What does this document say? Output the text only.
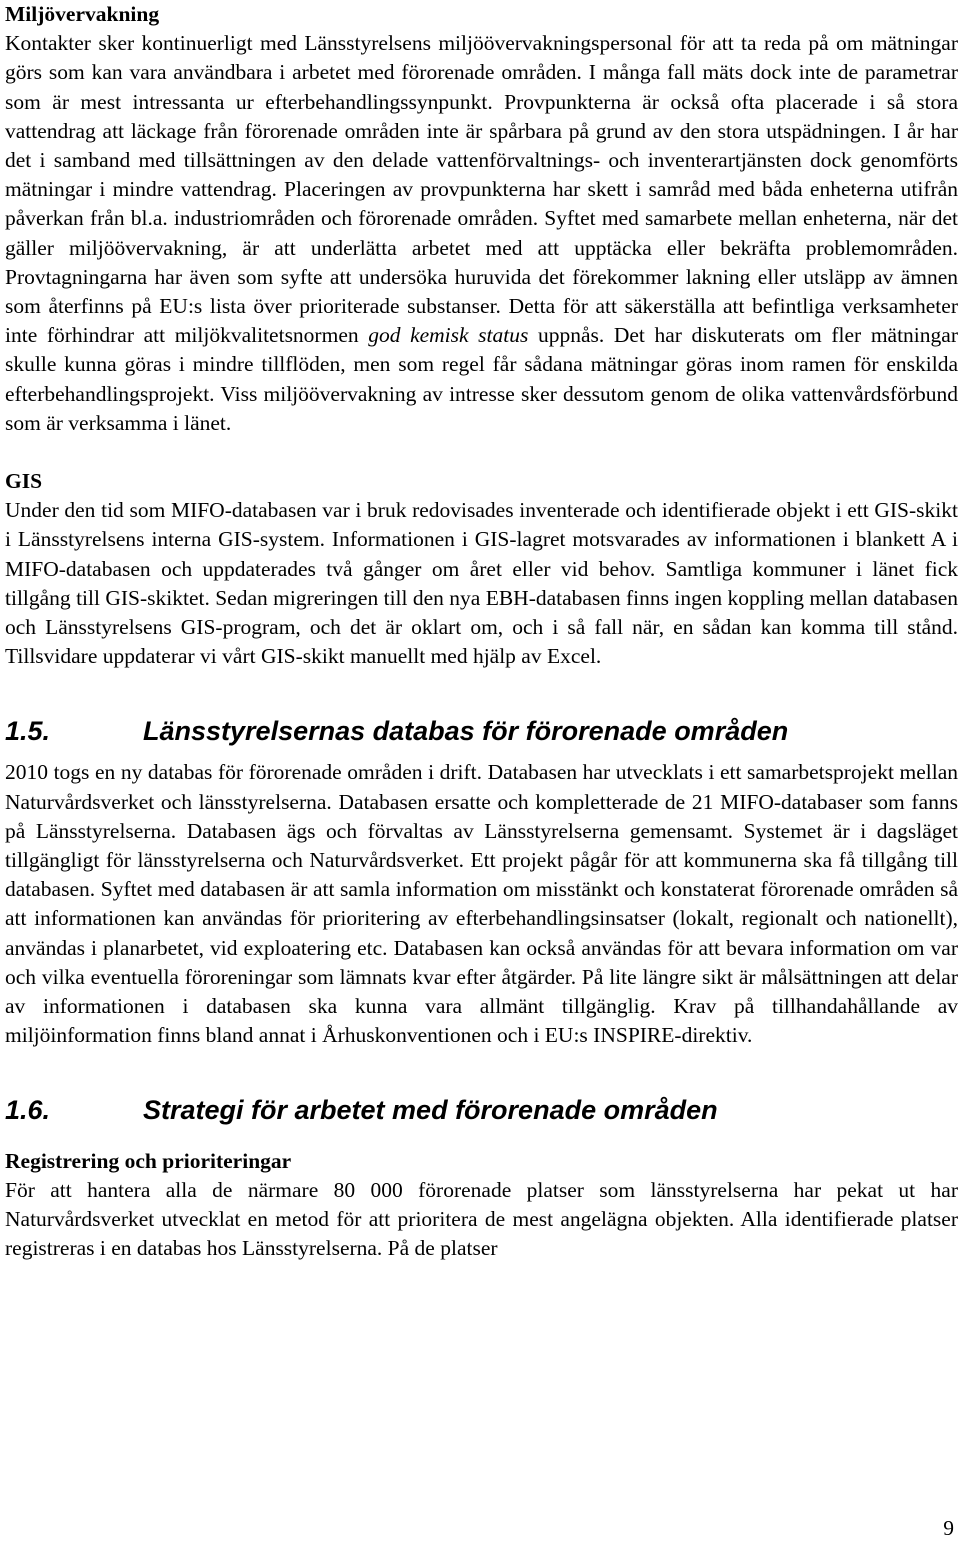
Miljövervakning

Kontakter sker kontinuerligt med Länsstyrelsens miljöövervakningspersonal för att ta reda på om mätningar görs som kan vara användbara i arbetet med förorenade områden. I många fall mäts dock inte de parametrar som är mest intressanta ur efterbehandlingssynpunkt. Provpunkterna är också ofta placerade i så stora vattendrag att läckage från förorenade områden inte är spårbara på grund av den stora utspädningen. I år har det i samband med tillsättningen av den delade vattenförvaltnings- och inventerartjänsten dock genomförts mätningar i mindre vattendrag. Placeringen av provpunkterna har skett i samråd med båda enheterna utifrån påverkan från bl.a. industriområden och förorenade områden. Syftet med samarbete mellan enheterna, när det gäller miljöövervakning, är att underlätta arbetet med att upptäcka eller bekräfta problemområden. Provtagningarna har även som syfte att undersöka huruvida det förekommer lakning eller utsläpp av ämnen som återfinns på EU:s lista över prioriterade substanser. Detta för att säkerställa att befintliga verksamheter inte förhindrar att miljökvalitetsnormen god kemisk status uppnås. Det har diskuterats om fler mätningar skulle kunna göras i mindre tillflöden, men som regel får sådana mätningar göras inom ramen för enskilda efterbehandlingsprojekt. Viss miljöövervakning av intresse sker dessutom genom de olika vattenvårdsförbund som är verksamma i länet.

GIS

Under den tid som MIFO-databasen var i bruk redovisades inventerade och identifierade objekt i ett GIS-skikt i Länsstyrelsens interna GIS-system. Informationen i GIS-lagret motsvarades av informationen i blankett A i MIFO-databasen och uppdaterades två gånger om året eller vid behov. Samtliga kommuner i länet fick tillgång till GIS-skiktet. Sedan migreringen till den nya EBH-databasen finns ingen koppling mellan databasen och Länsstyrelsens GIS-program, och det är oklart om, och i så fall när, en sådan kan komma till stånd. Tillsvidare uppdaterar vi vårt GIS-skikt manuellt med hjälp av Excel.

1.5.	Länsstyrelsernas databas för förorenade områden

2010 togs en ny databas för förorenade områden i drift. Databasen har utvecklats i ett samarbetsprojekt mellan Naturvårdsverket och länsstyrelserna. Databasen ersatte och kompletterade de 21 MIFO-databaser som fanns på Länsstyrelserna. Databasen ägs och förvaltas av Länsstyrelserna gemensamt. Systemet är i dagsläget tillgängligt för länsstyrelserna och Naturvårdsverket. Ett projekt pågår för att kommunerna ska få tillgång till databasen. Syftet med databasen är att samla information om misstänkt och konstaterat förorenade områden så att informationen kan användas för prioritering av efterbehandlingsinsatser (lokalt, regionalt och nationellt), användas i planarbetet, vid exploatering etc. Databasen kan också användas för att bevara information om var och vilka eventuella föroreningar som lämnats kvar efter åtgärder. På lite längre sikt är målsättningen att delar av informationen i databasen ska kunna vara allmänt tillgänglig. Krav på tillhandahållande av miljöinformation finns bland annat i Århuskonventionen och i EU:s INSPIRE-direktiv.

1.6.	Strategi för arbetet med förorenade områden
Registrering och prioriteringar

För att hantera alla de närmare 80 000 förorenade platser som länsstyrelserna har pekat ut har Naturvårdsverket utvecklat en metod för att prioritera de mest angelägna objekten. Alla identifierade platser registreras i en databas hos Länsstyrelserna. På de platser

9
